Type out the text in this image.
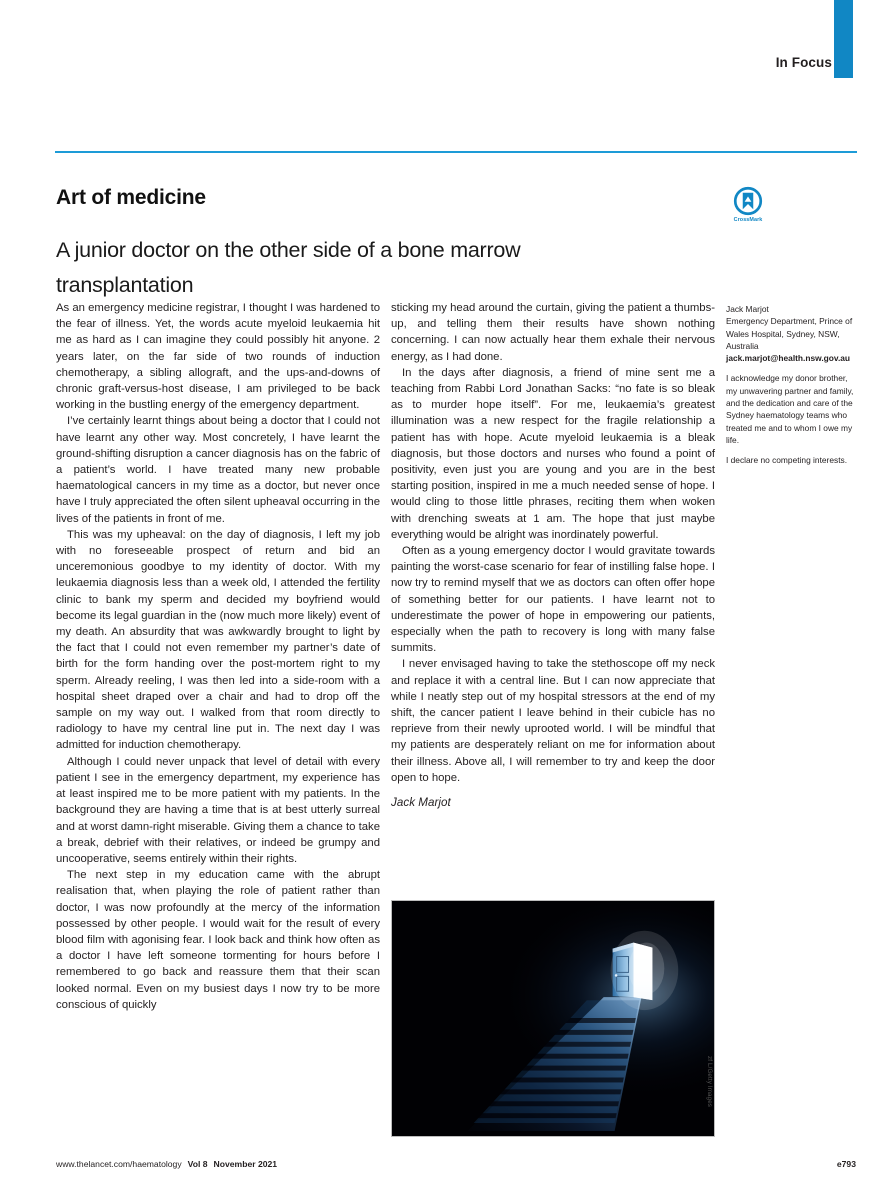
In Focus
CrossMark
Art of medicine
A junior doctor on the other side of a bone marrow transplantation

As an emergency medicine registrar, I thought I was hardened to the fear of illness. Yet, the words acute myeloid leukaemia hit me as hard as I can imagine they could possibly hit anyone. 2 years later, on the far side of two rounds of induction chemotherapy, a sibling allograft, and the ups-and-downs of chronic graft-versus-host disease, I am privileged to be back working in the bustling energy of the emergency department.

I’ve certainly learnt things about being a doctor that I could not have learnt any other way. Most concretely, I have learnt the ground-shifting disruption a cancer diagnosis has on the fabric of a patient’s world. I have treated many new probable haematological cancers in my time as a doctor, but never once have I truly appreciated the often silent upheaval occurring in the lives of the patients in front of me.

This was my upheaval: on the day of diagnosis, I left my job with no foreseeable prospect of return and bid an unceremonious goodbye to my identity of doctor. With my leukaemia diagnosis less than a week old, I attended the fertility clinic to bank my sperm and decided my boyfriend would become its legal guardian in the (now much more likely) event of my death. An absurdity that was awkwardly brought to light by the fact that I could not even remember my partner’s date of birth for the form handing over the post-mortem right to my sperm. Already reeling, I was then led into a side-room with a hospital sheet draped over a chair and had to drop off the sample on my way out. I walked from that room directly to radiology to have my central line put in. The next day I was admitted for induction chemotherapy.

Although I could never unpack that level of detail with every patient I see in the emergency department, my experience has at least inspired me to be more patient with my patients. In the background they are having a time that is at best utterly surreal and at worst damn-right miserable. Giving them a chance to take a break, debrief with their relatives, or indeed be grumpy and uncooperative, seems entirely within their rights.

The next step in my education came with the abrupt realisation that, when playing the role of patient rather than doctor, I was now profoundly at the mercy of the information possessed by other people. I would wait for the result of every blood film with agonising fear. I look back and think how often as a doctor I have left someone tormenting for hours before I remembered to go back and reassure them that their scan looked normal. Even on my busiest days I now try to be more conscious of quickly

sticking my head around the curtain, giving the patient a thumbs-up, and telling them their results have shown nothing concerning. I can now actually hear them exhale their nervous energy, as I had done.

In the days after diagnosis, a friend of mine sent me a teaching from Rabbi Lord Jonathan Sacks: “no fate is so bleak as to murder hope itself”. For me, leukaemia’s greatest illumination was a new respect for the fragile relationship a patient has with hope. Acute myeloid leukaemia is a bleak diagnosis, but those doctors and nurses who found a point of positivity, even just you are young and you are in the best starting position, inspired in me a much needed sense of hope. I would cling to those little phrases, reciting them when woken with drenching sweats at 1 am. The hope that just maybe everything would be alright was inordinately powerful.

Often as a young emergency doctor I would gravitate towards painting the worst-case scenario for fear of instilling false hope. I now try to remind myself that we as doctors can often offer hope of something better for our patients. I have learnt not to underestimate the power of hope in empowering our patients, especially when the path to recovery is long with many false summits.

I never envisaged having to take the stethoscope off my neck and replace it with a central line. But I can now appreciate that while I neatly step out of my hospital stressors at the end of my shift, the cancer patient I leave behind in their cubicle has no reprieve from their newly uprooted world. I will be mindful that my patients are desperately reliant on me for information about their illness. Above all, I will remember to try and keep the door open to hope.

Jack Marjot

Jack Marjot

Emergency Department, Prince of Wales Hospital, Sydney, NSW, Australia

jack.marjot@health.nsw.gov.au

I acknowledge my donor brother, my unwavering partner and family, and the dedication and care of the Sydney haematology teams who treated me and to whom I owe my life.

I declare no competing interests.

zf L/Getty Images
www.thelancet.com/haematology Vol 8 November 2021	e793
